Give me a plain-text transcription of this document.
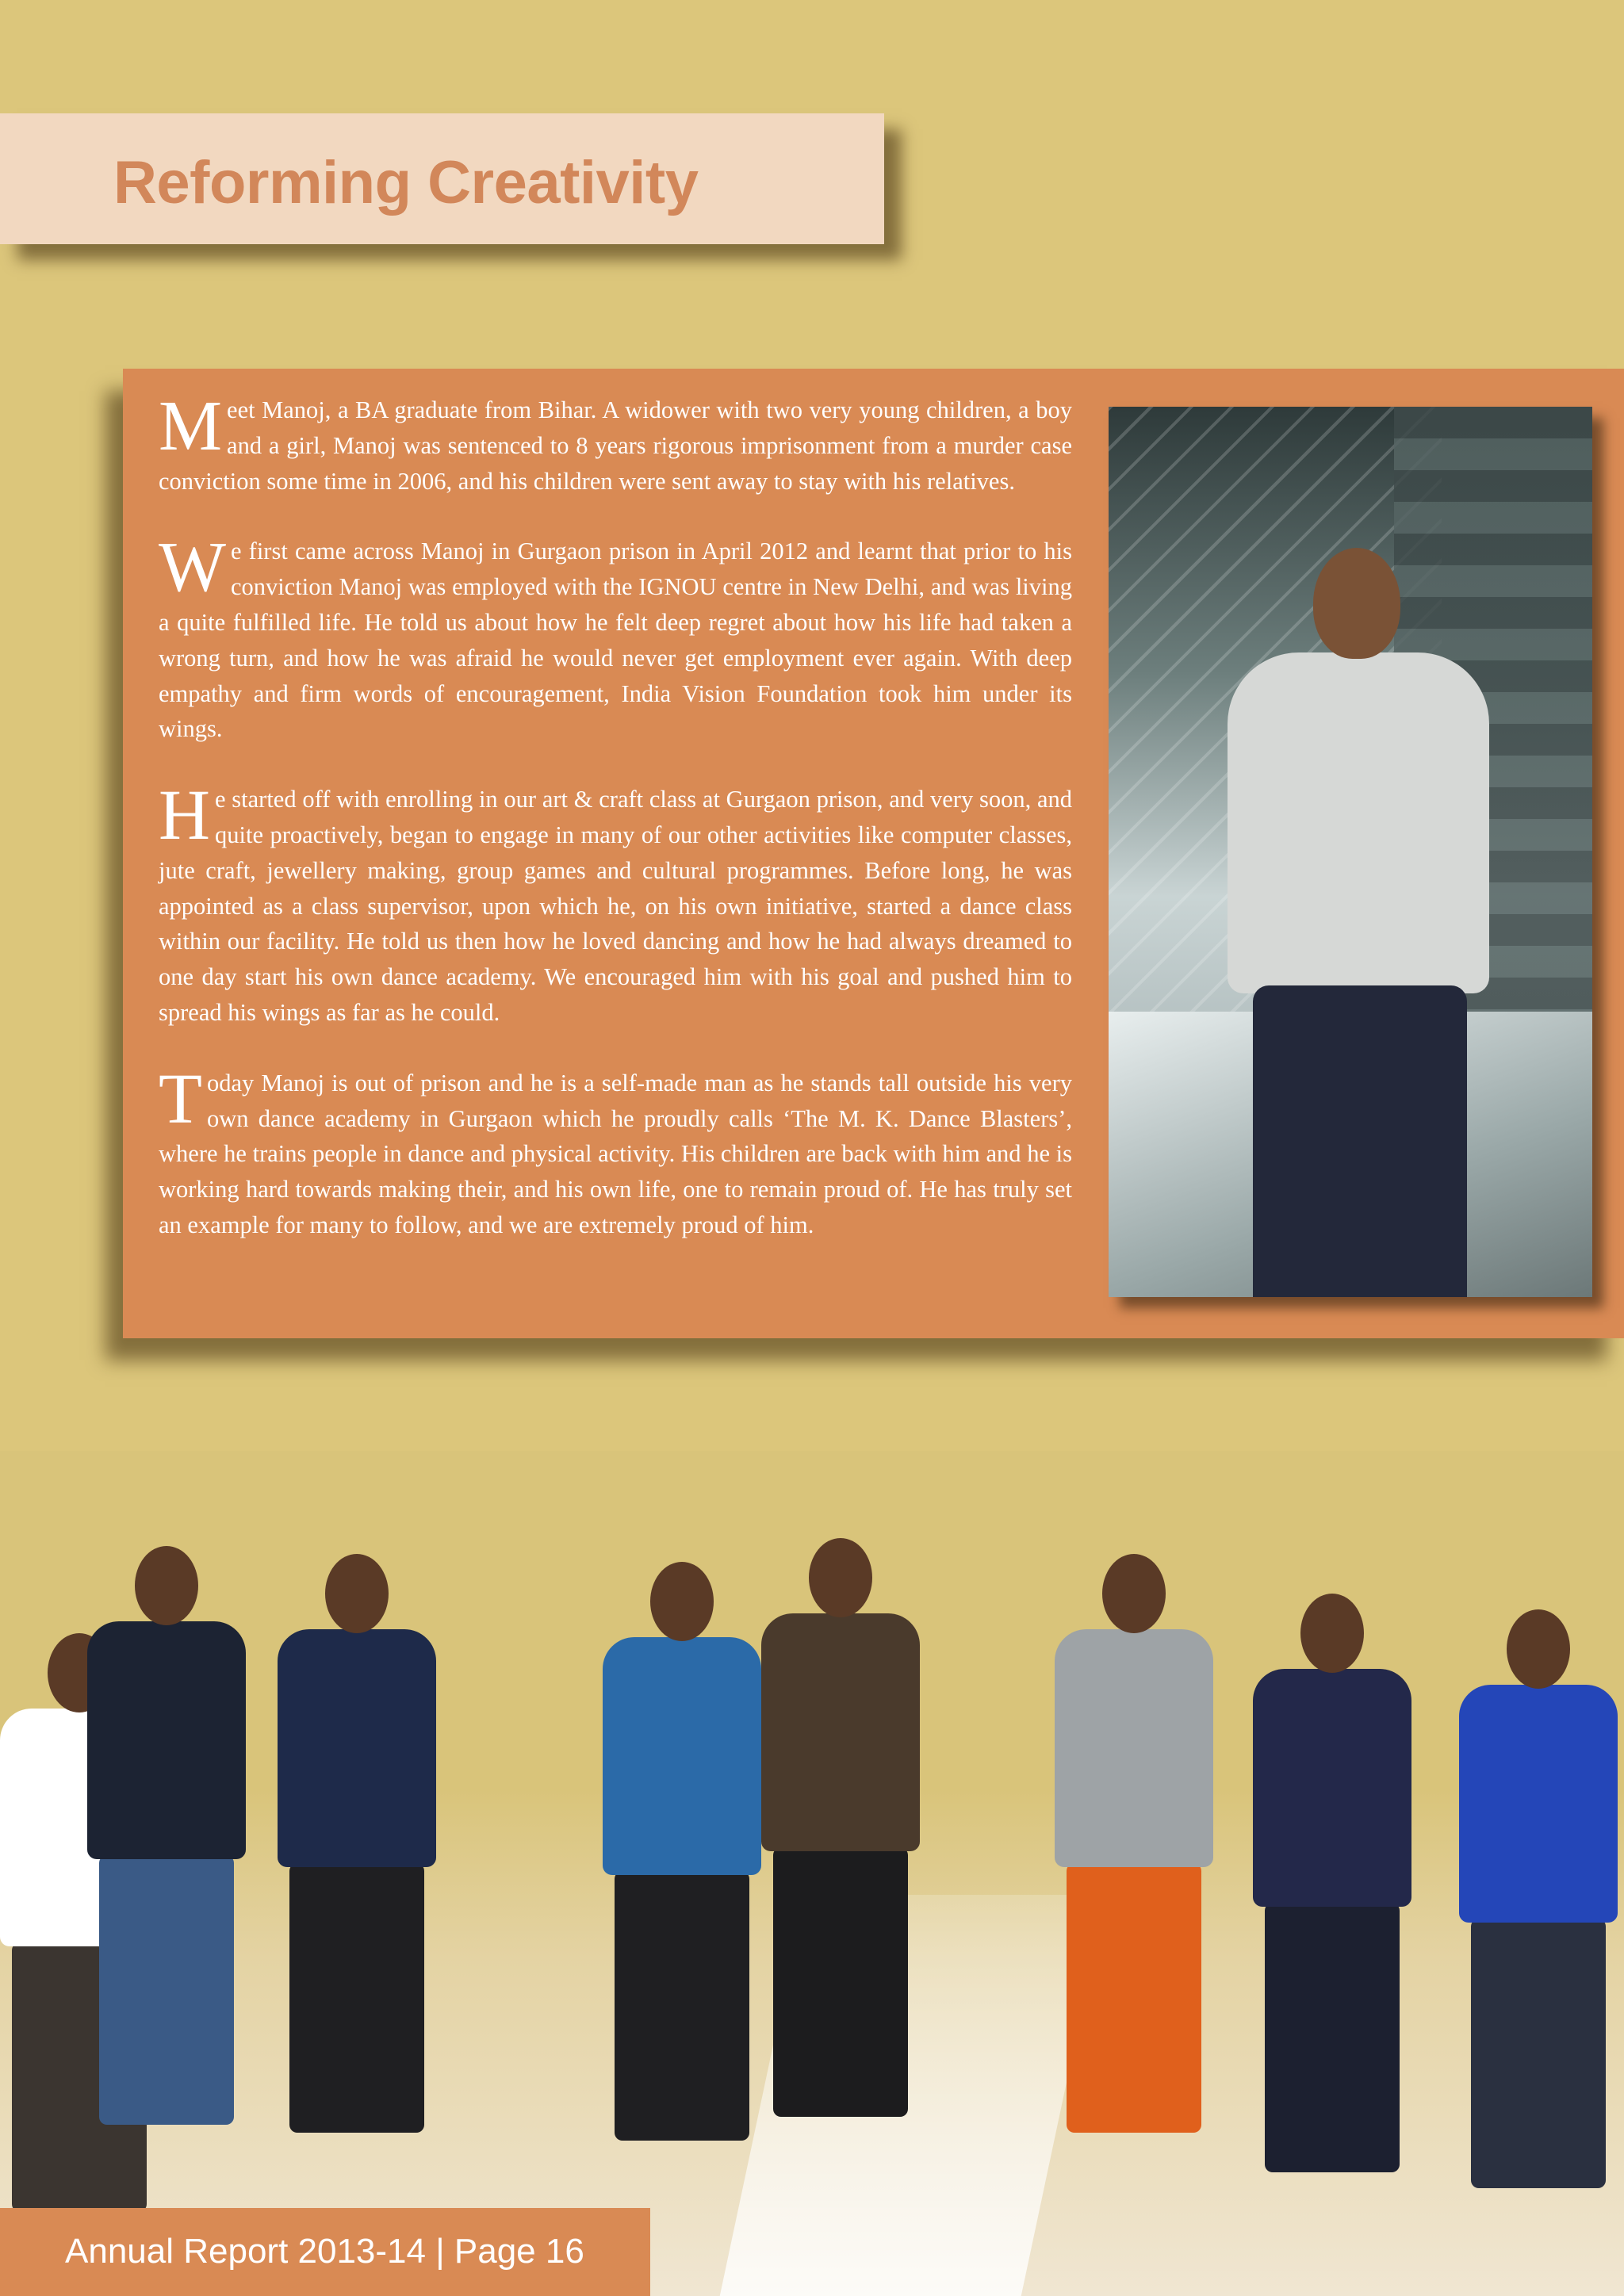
Reforming Creativity

Meet Manoj, a BA graduate from Bihar. A widower with two very young children, a boy and a girl, Manoj was sentenced to 8 years rigorous imprisonment from a murder case conviction some time in 2006, and his children were sent away to stay with his relatives.

We first came across Manoj in Gurgaon prison in April 2012 and learnt that prior to his conviction Manoj was employed with the IGNOU centre in New Delhi, and was living a quite fulfilled life. He told us about how he felt deep regret about how his life had taken a wrong turn, and how he was afraid he would never get employment ever again. With deep empathy and firm words of encouragement, India Vision Foundation took him under its wings.

He started off with enrolling in our art & craft class at Gurgaon prison, and very soon, and quite proactively, began to engage in many of our other activities like computer classes, jute craft, jewellery making, group games and cultural programmes. Before long, he was appointed as a class supervisor, upon which he, on his own initiative, started a dance class within our facility. He told us then how he loved dancing and how he had always dreamed to one day start his own dance academy. We encouraged him with his goal and pushed him to spread his wings as far as he could.

Today Manoj is out of prison and he is a self-made man as he stands tall outside his very own dance academy in Gurgaon which he proudly calls ‘The M. K. Dance Blasters’, where he trains people in dance and physical activity. His children are back with him and he is working hard towards making their, and his own life, one to remain proud of. He has truly set an example for many to follow, and we are extremely proud of him.

Annual Report 2013-14 | Page 16
